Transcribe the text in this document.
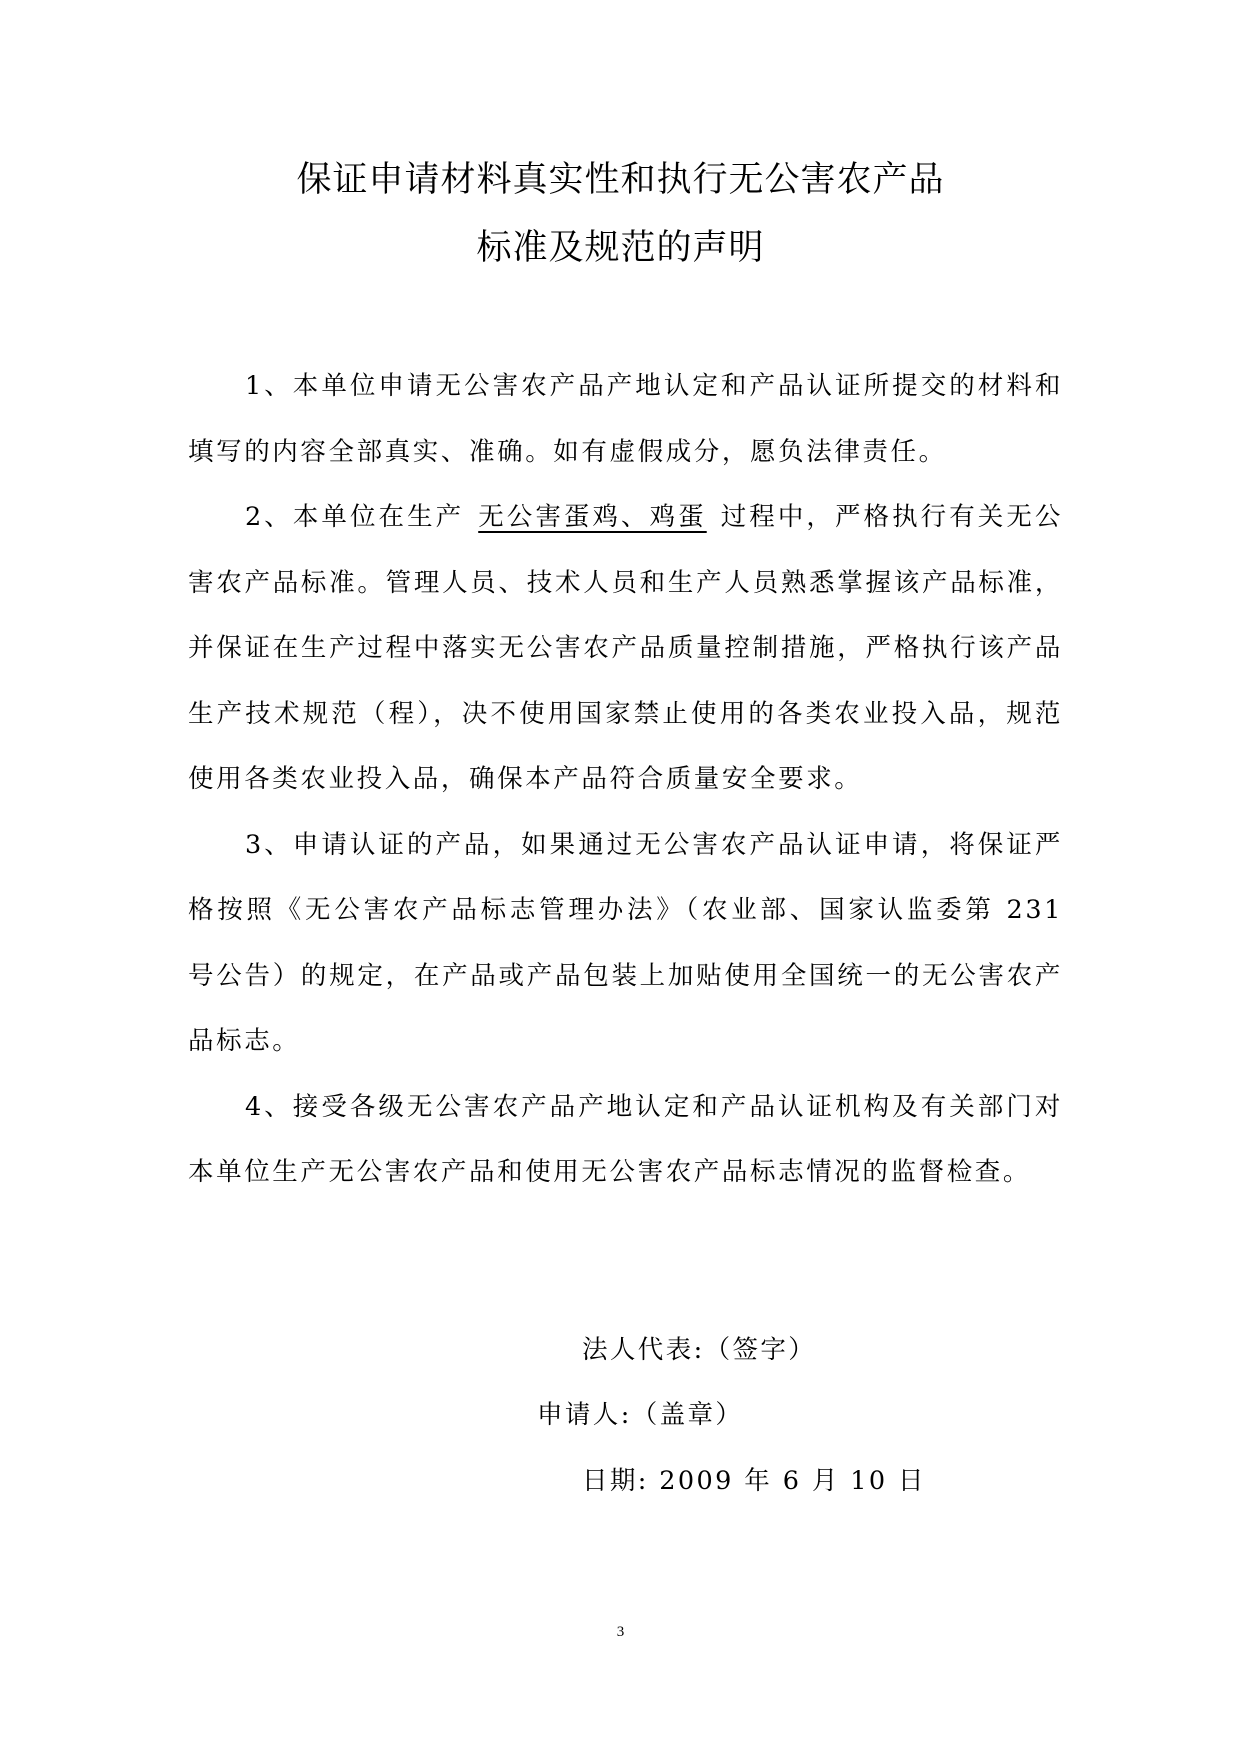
保证申请材料真实性和执行无公害农产品
标准及规范的声明

1、本单位申请无公害农产品产地认定和产品认证所提交的材料和填写的内容全部真实、准确。如有虚假成分，愿负法律责任。

2、本单位在生产 无公害蛋鸡、鸡蛋 过程中，严格执行有关无公害农产品标准。管理人员、技术人员和生产人员熟悉掌握该产品标准，并保证在生产过程中落实无公害农产品质量控制措施，严格执行该产品生产技术规范（程），决不使用国家禁止使用的各类农业投入品，规范使用各类农业投入品，确保本产品符合质量安全要求。

3、申请认证的产品，如果通过无公害农产品认证申请，将保证严格按照《无公害农产品标志管理办法》（农业部、国家认监委第 231 号公告）的规定，在产品或产品包装上加贴使用全国统一的无公害农产品标志。

4、接受各级无公害农产品产地认定和产品认证机构及有关部门对本单位生产无公害农产品和使用无公害农产品标志情况的监督检查。

法人代表:（签字）
申请人:（盖章）
日期: 2009 年 6 月 10 日
3
